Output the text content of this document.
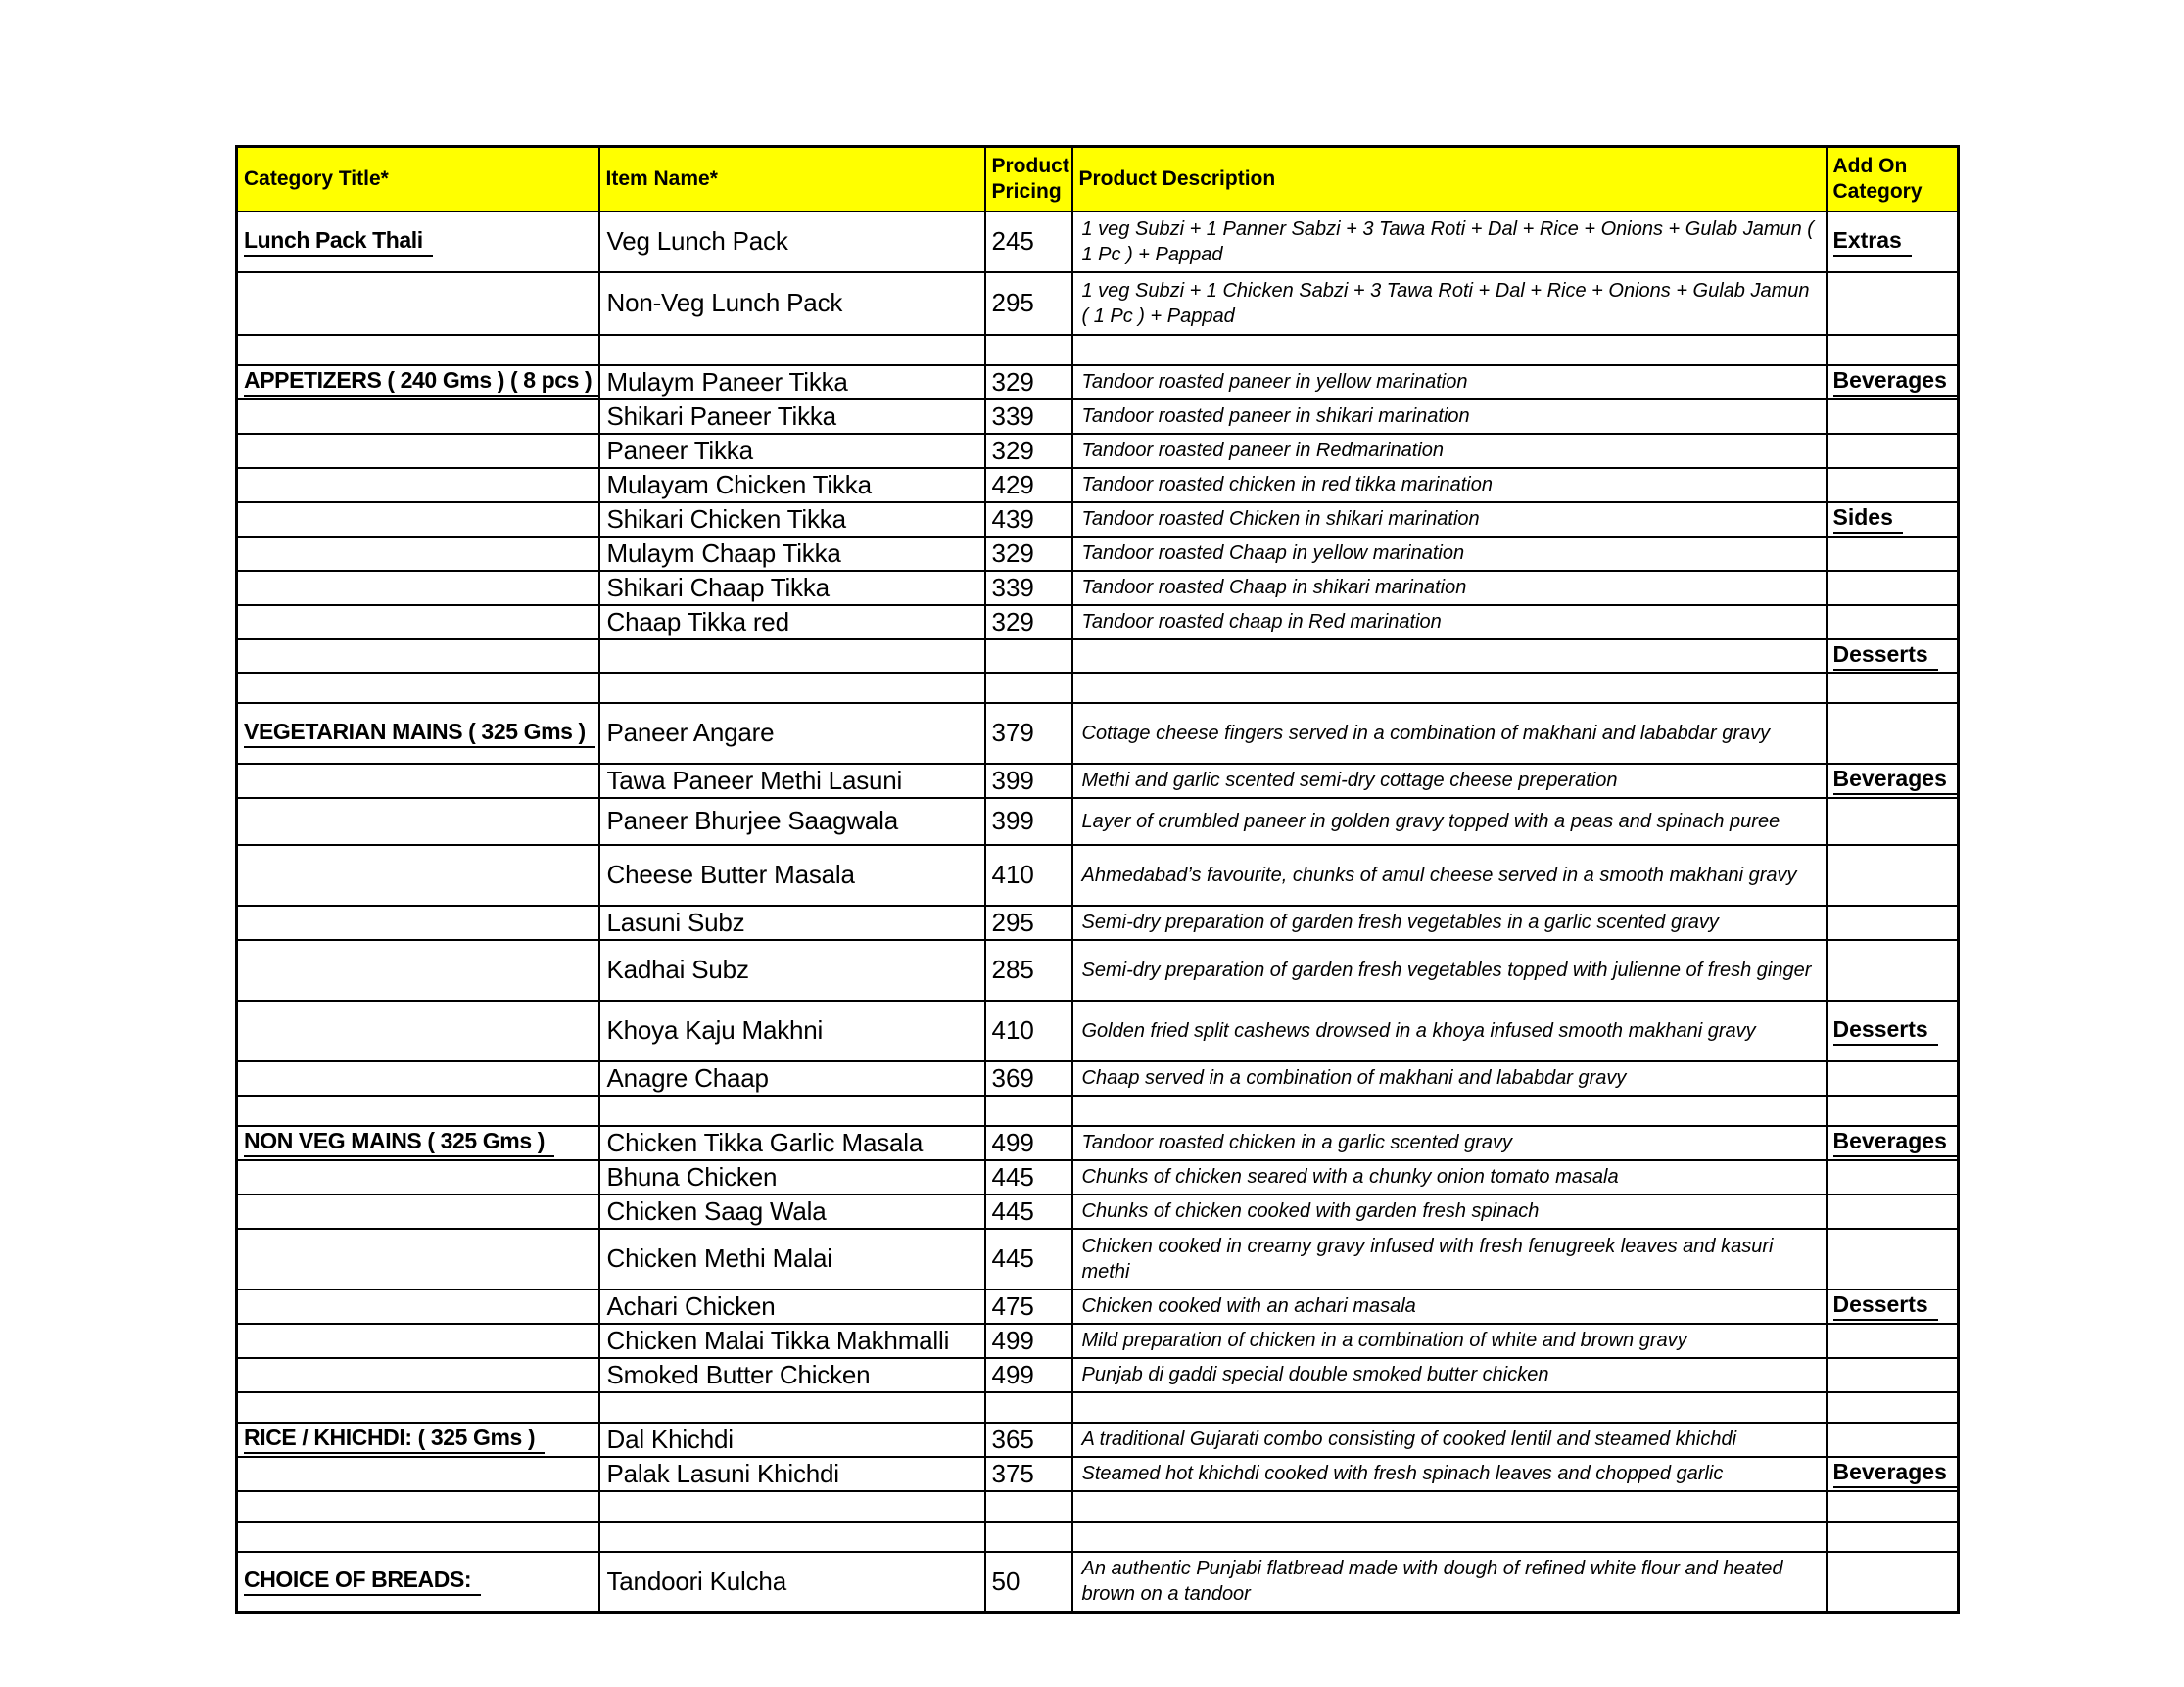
Category Title*	Item Name*	Product Pricing	Product Description	Add On Category
Lunch Pack Thali	Veg Lunch Pack	245	1 veg Subzi + 1 Panner Sabzi + 3 Tawa Roti + Dal + Rice + Onions + Gulab Jamun ( 1 Pc ) + Pappad	Extras
	Non-Veg Lunch Pack	295	1 veg Subzi + 1 Chicken Sabzi + 3 Tawa Roti + Dal + Rice + Onions + Gulab Jamun ( 1 Pc ) + Pappad	

APPETIZERS ( 240 Gms ) ( 8 pcs )	Mulaym Paneer Tikka	329	Tandoor roasted paneer in yellow marination	Beverages
	Shikari Paneer Tikka	339	Tandoor roasted paneer in shikari marination	
	Paneer Tikka	329	Tandoor roasted paneer in Redmarination	
	Mulayam Chicken Tikka	429	Tandoor roasted chicken in red tikka marination	
	Shikari Chicken Tikka	439	Tandoor roasted Chicken in shikari marination	Sides
	Mulaym Chaap Tikka	329	Tandoor roasted Chaap in yellow marination	
	Shikari Chaap Tikka	339	Tandoor roasted Chaap in shikari marination	
	Chaap Tikka red	329	Tandoor roasted chaap in Red marination	
				Desserts

VEGETARIAN MAINS ( 325 Gms )	Paneer Angare	379	Cottage cheese fingers served in a combination of makhani and lababdar gravy	
	Tawa Paneer Methi Lasuni	399	Methi and garlic scented semi-dry cottage cheese preperation	Beverages
	Paneer Bhurjee Saagwala	399	Layer of crumbled paneer in golden gravy topped with a peas and spinach puree	
	Cheese Butter Masala	410	Ahmedabad’s favourite, chunks of amul cheese served in a smooth makhani gravy	
	Lasuni Subz	295	Semi-dry preparation of garden fresh vegetables in a garlic scented gravy	
	Kadhai Subz	285	Semi-dry preparation of garden fresh vegetables topped with julienne of fresh ginger	
	Khoya Kaju Makhni	410	Golden fried split cashews drowsed in a khoya infused smooth makhani gravy	Desserts
	Anagre Chaap	369	Chaap served in a combination of makhani and lababdar gravy	

NON VEG MAINS ( 325 Gms )	Chicken Tikka Garlic Masala	499	Tandoor roasted chicken in a garlic scented gravy	Beverages
	Bhuna Chicken	445	Chunks of chicken seared with a chunky onion tomato masala	
	Chicken Saag Wala	445	Chunks of chicken cooked with garden fresh spinach	
	Chicken Methi Malai	445	Chicken cooked in creamy gravy infused with fresh fenugreek leaves and kasuri methi	
	Achari Chicken	475	Chicken cooked with an achari masala	Desserts
	Chicken Malai Tikka Makhmalli	499	Mild preparation of chicken in a combination of white and brown gravy	
	Smoked Butter Chicken	499	Punjab di gaddi special double smoked butter chicken	

RICE / KHICHDI: ( 325 Gms )	Dal Khichdi	365	A traditional Gujarati combo consisting of cooked lentil and steamed khichdi	
	Palak Lasuni Khichdi	375	Steamed hot khichdi cooked with fresh spinach leaves and chopped garlic	Beverages

CHOICE OF BREADS:	Tandoori Kulcha	50	An authentic Punjabi flatbread made with dough of refined white flour and heated brown on a tandoor	
